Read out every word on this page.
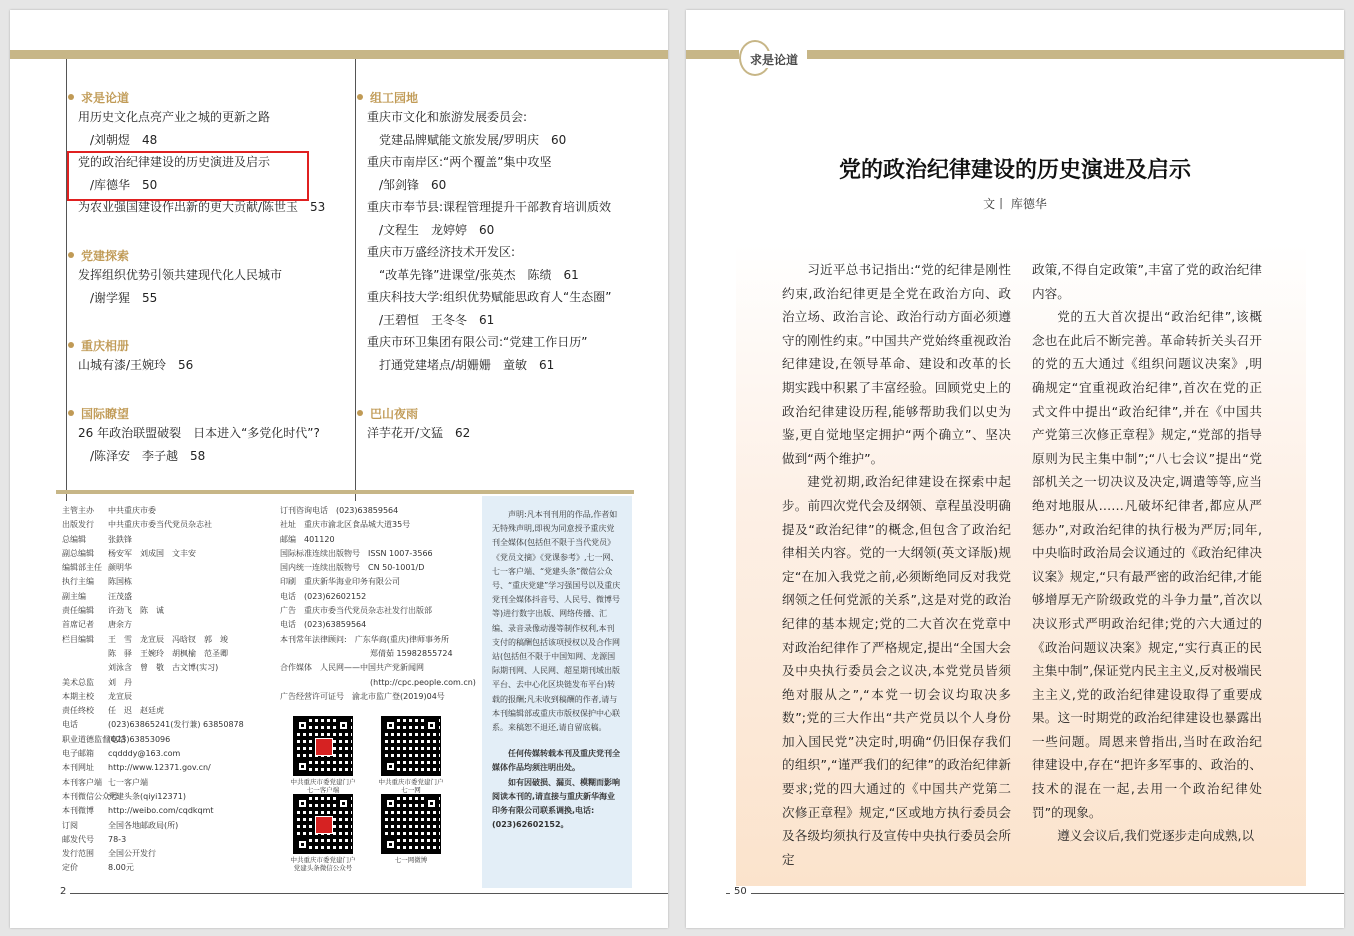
求是论道
用历史文化点亮产业之城的更新之路
/刘朝煜 48
党的政治纪律建设的历史演进及启示
/库德华 50
为农业强国建设作出新的更大贡献/陈世玉 53
党建探索
发挥组织优势引领共建现代化人民城市
/谢学猩 55
重庆相册
山城有漆/王婉玲 56
国际瞭望
26 年政治联盟破裂　日本进入“多党化时代”?
/陈泽安　李子越 58
组工园地
重庆市文化和旅游发展委员会:
党建品牌赋能文旅发展/罗明庆 60
重庆市南岸区:“两个覆盖”集中攻坚
/邹剑锋 60
重庆市奉节县:课程管理提升干部教育培训质效
/文程生　龙婷婷 60
重庆市万盛经济技术开发区:
“改革先锋”进课堂/张英杰　陈绩 61
重庆科技大学:组织优势赋能思政育人“生态圈”
/王碧恒　王冬冬 61
重庆市环卫集团有限公司:“党建工作日历”
打通党建堵点/胡姗姗　童敏 61
巴山夜雨
洋芋花开/文猛 62
主管主办	中共重庆市委
出版发行	中共重庆市委当代党员杂志社
总编辑	张鉄锋
副总编辑	杨安军　刘成国　文丰安
编辑部主任 颜明华
执行主编	陈国栋
副主编	汪茂盛
责任编辑	许劲飞　陈　诚
首席记者	唐余方
栏目编辑	王　雪　龙宣辰　冯晗钗　郭　竣
陈　驿　王婉玲　胡枫榆　范圣卿
刘泳含　曾　敬　古文博(实习)
美术总监	刘　丹
本期主校	龙宣辰
责任终校	任　迟　赵廷虎
电话	(023)63865241(发行兼) 63850878
职业道德监督电话
(023)63853096
电子邮箱	cqdddy@163.com
本刊网址	http://www.12371.gov.cn/
本刊客户端 七一客户端
本刊微信公众号
党建头条(qiyi12371)
本刊微博	http://weibo.com/cqdkqmt
订阅	全国各地邮政局(所)
邮发代号	78-3
发行范围	全国公开发行
定价	8.00元
订刊咨询电话 (023)63859564
社址 重庆市渝北区食品城大道35号
邮编 401120
国际标准连续出版物号 ISSN 1007-3566
国内统一连续出版物号 CN 50-1001/D
印刷 重庆新华海业印务有限公司
电话 (023)62602152
广告 重庆市委当代党员杂志社发行出版部
电话 (023)63859564
本刊常年法律顾问: 广东华商(重庆)律师事务所
郑倩茹 15982855724
合作媒体 人民网——中国共产党新闻网
(http://cpc.people.com.cn)
广告经营许可证号 渝北市监广登(2019)04号
中共重庆市委党建门户
七一客户端
中共重庆市委党建门户
七一网
中共重庆市委党建门户
党建头条微信公众号
七一网微博

声明:凡本刊刊用的作品,作者如无特殊声明,即视为同意授予重庆党刊全媒体(包括但不限于当代党员》《党员文摘》《党课参考》,七一网、七一客户端、“党建头条”微信公众号、“重庆党建”学习强国号以及重庆党刊全媒体抖音号、人民号、微博号等)进行数字出版、网络传播、汇编、录音录像动漫等制作权利,本刊支付的稿酬包括该项授权以及合作网站(包括但不限于中国知网、龙源国际期刊网、人民网、超星期刊域出版平台、去中心化区块链发布平台)转载的报酬;凡未收到稿酬的作者,请与本刊编辑部或重庆市版权保护中心联系。来稿恕不退还,请自留底稿。

任何传媒转载本刊及重庆党刊全媒体作品均须注明出处。

如有因破损、漏页、模糊而影响阅读本刊的,请直接与重庆新华海业印务有限公司联系调换,电话:(023)62602152。

2
求是论道
党的政治纪律建设的历史演进及启示
文丨 库德华

习近平总书记指出:“党的纪律是刚性约束,政治纪律更是全党在政治方向、政治立场、政治言论、政治行动方面必须遵守的刚性约束。”中国共产党始终重视政治纪律建设,在领导革命、建设和改革的长期实践中积累了丰富经验。回顾党史上的政治纪律建设历程,能够帮助我们以史为鉴,更自觉地坚定拥护“两个确立”、坚决做到“两个维护”。

建党初期,政治纪律建设在探索中起步。前四次党代会及纲领、章程虽没明确提及“政治纪律”的概念,但包含了政治纪律相关内容。党的一大纲领(英文译版)规定“在加入我党之前,必须断绝同反对我党纲领之任何党派的关系”,这是对党的政治纪律的基本规定;党的二大首次在党章中对政治纪律作了严格规定,提出“全国大会及中央执行委员会之议决,本党党员皆须绝对服从之”,“本党一切会议均取决多数”;党的三大作出“共产党员以个人身份加入国民党”决定时,明确“仍旧保存我们的组织”,“谨严我们的纪律”的政治纪律新要求;党的四大通过的《中国共产党第二次修正章程》规定,“区或地方执行委员会及各级均须执行及宣传中央执行委员会所定

政策,不得自定政策”,丰富了党的政治纪律内容。

党的五大首次提出“政治纪律”,该概念也在此后不断完善。革命转折关头召开的党的五大通过《组织问题议决案》,明确规定“宜重视政治纪律”,首次在党的正式文件中提出“政治纪律”,并在《中国共产党第三次修正章程》规定,“党部的指导原则为民主集中制”;“八七会议”提出“党部机关之一切决议及决定,调遣等等,应当绝对地服从……凡破坏纪律者,都应从严惩办”,对政治纪律的执行极为严厉;同年,中央临时政治局会议通过的《政治纪律决议案》规定,“只有最严密的政治纪律,才能够增厚无产阶级政党的斗争力量”,首次以决议形式严明政治纪律;党的六大通过的《政治问题议决案》规定,“实行真正的民主集中制”,保证党内民主主义,反对极端民主主义,党的政治纪律建设取得了重要成果。这一时期党的政治纪律建设也暴露出一些问题。周恩来曾指出,当时在政治纪律建设中,存在“把许多军事的、政治的、技术的混在一起,去用一个政治纪律处罚”的现象。

遵义会议后,我们党逐步走向成熟,以

50
